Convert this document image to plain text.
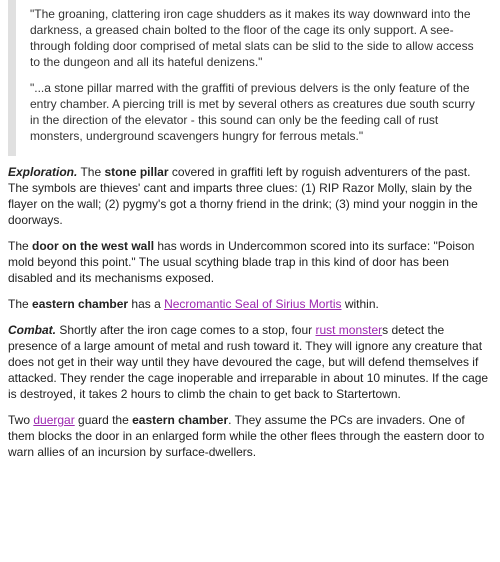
"The groaning, clattering iron cage shudders as it makes its way downward into the darkness, a greased chain bolted to the floor of the cage its only support. A see-through folding door comprised of metal slats can be slid to the side to allow access to the dungeon and all its hateful denizens."

"...a stone pillar marred with the graffiti of previous delvers is the only feature of the entry chamber. A piercing trill is met by several others as creatures due south scurry in the direction of the elevator - this sound can only be the feeding call of rust monsters, underground scavengers hungry for ferrous metals."

Exploration. The stone pillar covered in graffiti left by roguish adventurers of the past. The symbols are thieves' cant and imparts three clues: (1) RIP Razor Molly, slain by the flayer on the wall; (2) pygmy's got a thorny friend in the drink; (3) mind your noggin in the doorways.

The door on the west wall has words in Undercommon scored into its surface: "Poison mold beyond this point." The usual scything blade trap in this kind of door has been disabled and its mechanisms exposed.

The eastern chamber has a Necromantic Seal of Sirius Mortis within.

Combat. Shortly after the iron cage comes to a stop, four rust monsters detect the presence of a large amount of metal and rush toward it. They will ignore any creature that does not get in their way until they have devoured the cage, but will defend themselves if attacked. They render the cage inoperable and irreparable in about 10 minutes. If the cage is destroyed, it takes 2 hours to climb the chain to get back to Startertown.

Two duergar guard the eastern chamber. They assume the PCs are invaders. One of them blocks the door in an enlarged form while the other flees through the eastern door to warn allies of an incursion by surface-dwellers.
